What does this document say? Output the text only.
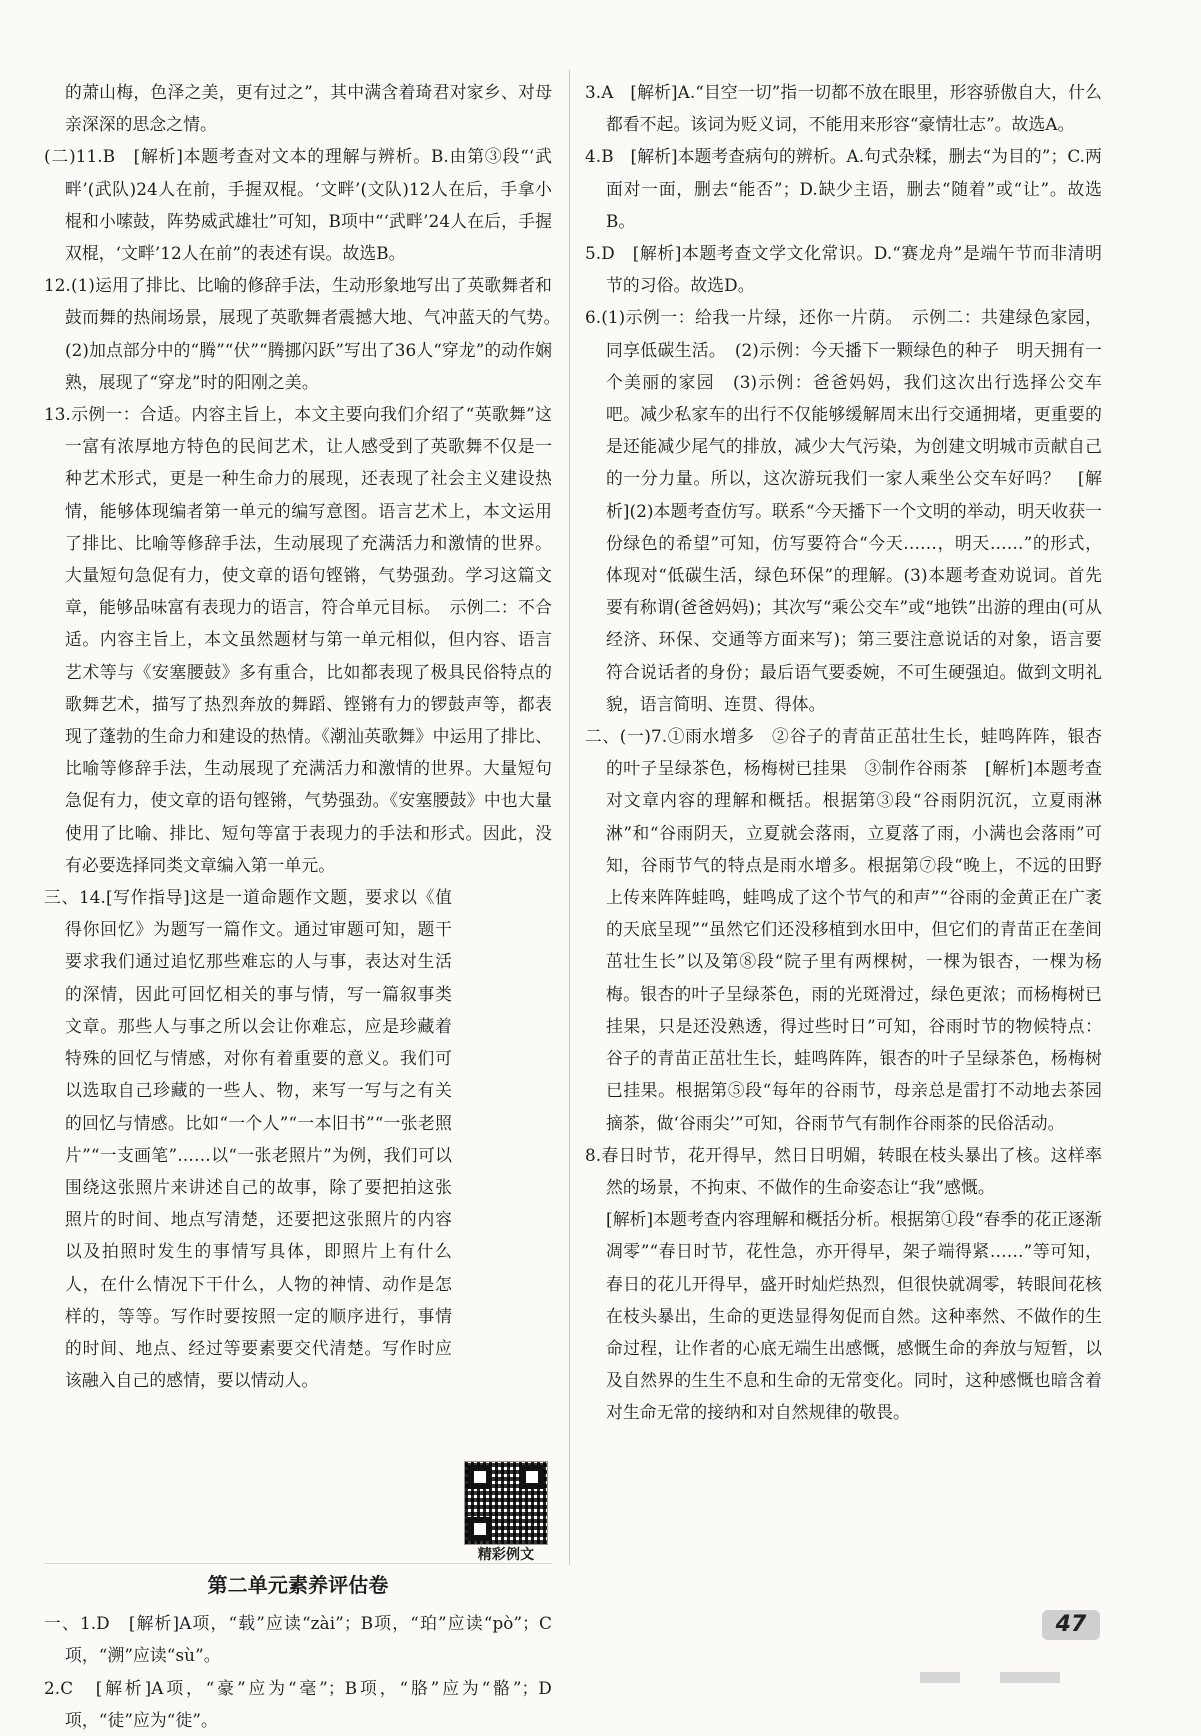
的萧山梅，色泽之美，更有过之”，其中满含着琦君对家乡、对母亲深深的思念之情。

(二)11.B　[解析]本题考查对文本的理解与辨析。B.由第③段“‘武畔’(武队)24人在前，手握双棍。‘文畔’(文队)12人在后，手拿小棍和小嗦鼓，阵势威武雄壮”可知，B项中“‘武畔’24人在后，手握双棍，‘文畔’12人在前”的表述有误。故选B。

12.(1)运用了排比、比喻的修辞手法，生动形象地写出了英歌舞者和鼓而舞的热闹场景，展现了英歌舞者震撼大地、气冲蓝天的气势。　(2)加点部分中的“腾”“伏”“腾挪闪跃”写出了36人“穿龙”的动作娴熟，展现了“穿龙”时的阳刚之美。

13.示例一：合适。内容主旨上，本文主要向我们介绍了“英歌舞”这一富有浓厚地方特色的民间艺术，让人感受到了英歌舞不仅是一种艺术形式，更是一种生命力的展现，还表现了社会主义建设热情，能够体现编者第一单元的编写意图。语言艺术上，本文运用了排比、比喻等修辞手法，生动展现了充满活力和激情的世界。大量短句急促有力，使文章的语句铿锵，气势强劲。学习这篇文章，能够品味富有表现力的语言，符合单元目标。　示例二：不合适。内容主旨上，本文虽然题材与第一单元相似，但内容、语言艺术等与《安塞腰鼓》多有重合，比如都表现了极具民俗特点的歌舞艺术，描写了热烈奔放的舞蹈、铿锵有力的锣鼓声等，都表现了蓬勃的生命力和建设的热情。《潮汕英歌舞》中运用了排比、比喻等修辞手法，生动展现了充满活力和激情的世界。大量短句急促有力，使文章的语句铿锵，气势强劲。《安塞腰鼓》中也大量使用了比喻、排比、短句等富于表现力的手法和形式。因此，没有必要选择同类文章编入第一单元。

精彩例文

三、14.[写作指导]这是一道命题作文题，要求以《值得你回忆》为题写一篇作文。通过审题可知，题干要求我们通过追忆那些难忘的人与事，表达对生活的深情，因此可回忆相关的事与情，写一篇叙事类文章。那些人与事之所以会让你难忘，应是珍藏着特殊的回忆与情感，对你有着重要的意义。我们可以选取自己珍藏的一些人、物，来写一写与之有关的回忆与情感。比如“一个人”“一本旧书”“一张老照片”“一支画笔”……以“一张老照片”为例，我们可以围绕这张照片来讲述自己的故事，除了要把拍这张照片的时间、地点写清楚，还要把这张照片的内容以及拍照时发生的事情写具体，即照片上有什么人，在什么情况下干什么，人物的神情、动作是怎样的，等等。写作时要按照一定的顺序进行，事情的时间、地点、经过等要素要交代清楚。写作时应该融入自己的感情，要以情动人。

第二单元素养评估卷

一、1.D　[解析]A项，“载”应读“zài”；B项，“珀”应读“pò”；C项，“溯”应读“sù”。

2.C　[解析]A项，“豪”应为“毫”；B项，“胳”应为“骼”；D项，“徒”应为“徙”。

3.A　[解析]A.“目空一切”指一切都不放在眼里，形容骄傲自大，什么都看不起。该词为贬义词，不能用来形容“豪情壮志”。故选A。

4.B　[解析]本题考查病句的辨析。A.句式杂糅，删去“为目的”；C.两面对一面，删去“能否”；D.缺少主语，删去“随着”或“让”。故选B。

5.D　[解析]本题考查文学文化常识。D.“赛龙舟”是端午节而非清明节的习俗。故选D。

6.(1)示例一：给我一片绿，还你一片荫。　示例二：共建绿色家园，同享低碳生活。　(2)示例：今天播下一颗绿色的种子　明天拥有一个美丽的家园　(3)示例：爸爸妈妈，我们这次出行选择公交车吧。减少私家车的出行不仅能够缓解周末出行交通拥堵，更重要的是还能减少尾气的排放，减少大气污染，为创建文明城市贡献自己的一分力量。所以，这次游玩我们一家人乘坐公交车好吗？　[解析](2)本题考查仿写。联系“今天播下一个文明的举动，明天收获一份绿色的希望”可知，仿写要符合“今天……，明天……”的形式，体现对“低碳生活，绿色环保”的理解。(3)本题考查劝说词。首先要有称谓(爸爸妈妈)；其次写“乘公交车”或“地铁”出游的理由(可从经济、环保、交通等方面来写)；第三要注意说话的对象，语言要符合说话者的身份；最后语气要委婉，不可生硬强迫。做到文明礼貌，语言简明、连贯、得体。

二、(一)7.①雨水增多　②谷子的青苗正茁壮生长，蛙鸣阵阵，银杏的叶子呈绿茶色，杨梅树已挂果　③制作谷雨茶　[解析]本题考查对文章内容的理解和概括。根据第③段“谷雨阴沉沉，立夏雨淋淋”和“谷雨阴天，立夏就会落雨，立夏落了雨，小满也会落雨”可知，谷雨节气的特点是雨水增多。根据第⑦段“晚上，不远的田野上传来阵阵蛙鸣，蛙鸣成了这个节气的和声”“谷雨的金黄正在广袤的天底呈现”“虽然它们还没移植到水田中，但它们的青苗正在垄间茁壮生长”以及第⑧段“院子里有两棵树，一棵为银杏，一棵为杨梅。银杏的叶子呈绿茶色，雨的光斑滑过，绿色更浓；而杨梅树已挂果，只是还没熟透，得过些时日”可知，谷雨时节的物候特点：谷子的青苗正茁壮生长，蛙鸣阵阵，银杏的叶子呈绿茶色，杨梅树已挂果。根据第⑤段“每年的谷雨节，母亲总是雷打不动地去茶园摘茶，做‘谷雨尖’”可知，谷雨节气有制作谷雨茶的民俗活动。

8.春日时节，花开得早，然日日明媚，转眼在枝头暴出了核。这样率然的场景，不拘束、不做作的生命姿态让“我”感慨。

[解析]本题考查内容理解和概括分析。根据第①段“春季的花正逐渐凋零”“春日时节，花性急，亦开得早，架子端得紧……”等可知，春日的花儿开得早，盛开时灿烂热烈，但很快就凋零，转眼间花核在枝头暴出，生命的更迭显得匆促而自然。这种率然、不做作的生命过程，让作者的心底无端生出感慨，感慨生命的奔放与短暂，以及自然界的生生不息和生命的无常变化。同时，这种感慨也暗含着对生命无常的接纳和对自然规律的敬畏。

47
